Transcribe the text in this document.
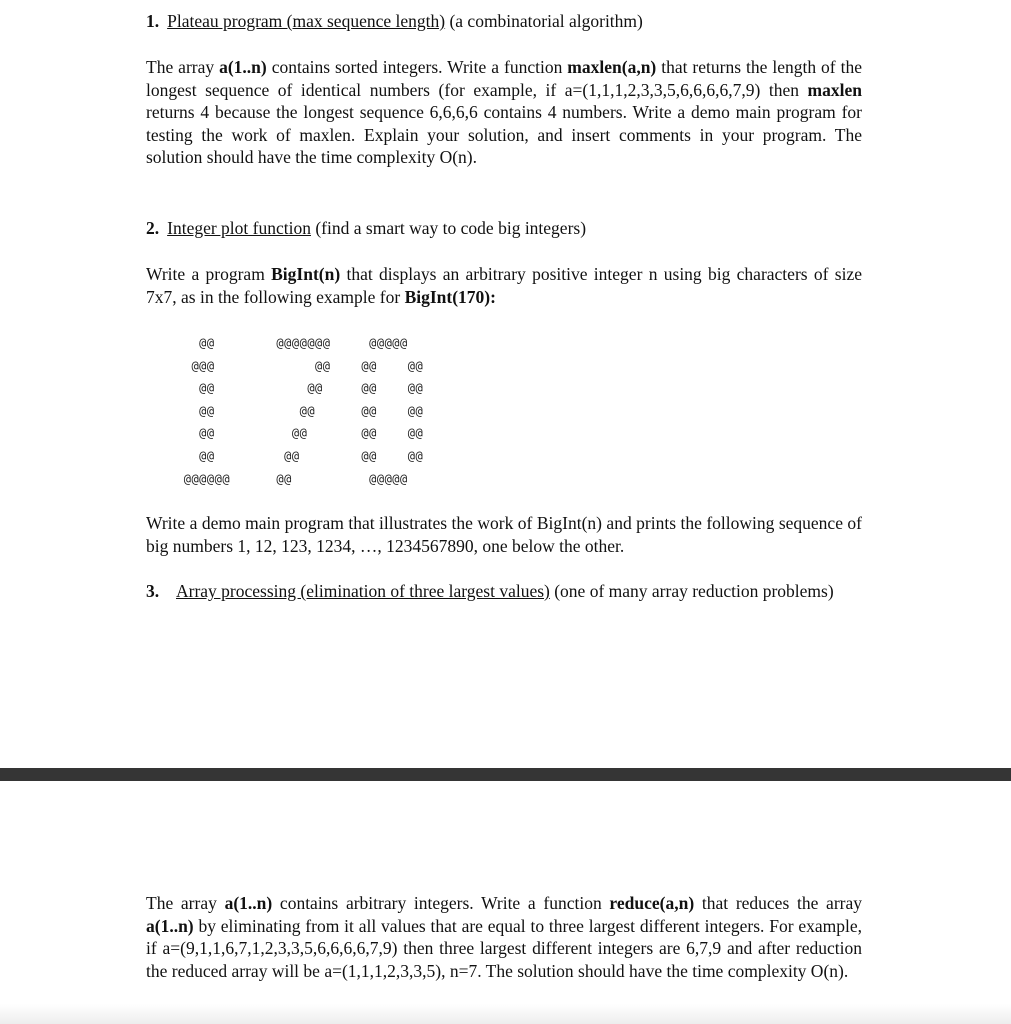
1. Plateau program (max sequence length) (a combinatorial algorithm)

The array a(1..n) contains sorted integers. Write a function maxlen(a,n) that returns the length of the longest sequence of identical numbers (for example, if a=(1,1,1,2,3,3,5,6,6,6,6,7,9) then maxlen returns 4 because the longest sequence 6,6,6,6 contains 4 numbers. Write a demo main program for testing the work of maxlen. Explain your solution, and insert comments in your program. The solution should have the time complexity O(n).

2. Integer plot function (find a smart way to code big integers)

Write a program BigInt(n) that displays an arbitrary positive integer n using big characters of size 7x7, as in the following example for BigInt(170):

@@        @@@@@@@     @@@@@
@@@             @@    @@    @@
@@            @@     @@    @@
@@           @@      @@    @@
@@          @@       @@    @@
@@         @@        @@    @@
@@@@@@      @@          @@@@@

Write a demo main program that illustrates the work of BigInt(n) and prints the following sequence of big numbers 1, 12, 123, 1234, …, 1234567890, one below the other.

3. Array processing (elimination of three largest values) (one of many array reduction problems)

The array a(1..n) contains arbitrary integers. Write a function reduce(a,n) that reduces the array a(1..n) by eliminating from it all values that are equal to three largest different integers. For example, if a=(9,1,1,6,7,1,2,3,3,5,6,6,6,6,7,9) then three largest different integers are 6,7,9 and after reduction the reduced array will be a=(1,1,1,2,3,3,5), n=7. The solution should have the time complexity O(n).
